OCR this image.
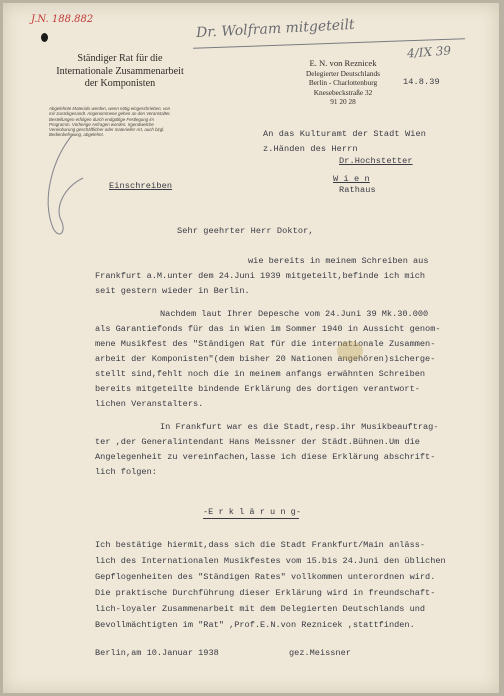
J.N. 188.882	Dr. Wolfram mitgeteilt
4/IX 39
Ständiger Rat für die
Internationale Zusammenarbeit
der Komponisten
Abgelehnte Materials werden, wenn nötig eingeschrieben, von mir zurückgesandt. Angenommene gehen an den Veranstalter. Bestellungen erfolgen durch endgültige Festlegung im Programm. Vorherige Anfragen werden. Irgendwelche Vereinbarung geschäftlicher oder materieller Art, auch bzgl. Bedienbefreiung, abgelehnt.
E. N. von Reznicek
Delegierter Deutschlands
Berlin - Charlottenburg
Knesebeckstraße 32
91 20 28
14.8.39
An das Kulturamt der Stadt Wien
z.Händen des Herrn
Dr.Hochstetter
W i e n
Rathaus
Einschreiben
Sehr geehrter Herr Doktor,
wie bereits in meinem Schreiben aus
Frankfurt a.M.unter dem 24.Juni 1939 mitgeteilt,befinde ich mich
seit gestern wieder in Berlin.
Nachdem laut Ihrer Depesche vom 24.Juni 39 Mk.30.000
als Garantiefonds für das in Wien im Sommer 1940 in Aussicht genom-
mene Musikfest des "Ständigen Rat für die internationale Zusammen-
arbeit der Komponisten"(dem bisher 20 Nationen angehören)sicherge-
stellt sind,fehlt noch die in meinem anfangs erwähnten Schreiben
bereits mitgeteilte bindende Erklärung des dortigen verantwort-
lichen Veranstalters.
In Frankfurt war es die Stadt,resp.ihr Musikbeauftrag-
ter ,der Generalintendant Hans Meissner der Städt.Bühnen.Um die
Angelegenheit zu vereinfachen,lasse ich diese Erklärung abschrift-
lich folgen:
-E r k l ä r u n g-
Ich bestätige hiermit,dass sich die Stadt Frankfurt/Main anläss-
lich des Internationalen Musikfestes vom 15.bis 24.Juni den üblichen
Gepflogenheiten des "Ständigen Rates" vollkommen unterordnen wird.
Die praktische Durchführung dieser Erklärung wird in freundschaft-
lich-loyaler Zusammenarbeit mit dem Delegierten Deutschlands und
Bevollmächtigten im "Rat" ,Prof.E.N.von Reznicek ,stattfinden.
Berlin,am 10.Januar 1938	gez.Meissner
